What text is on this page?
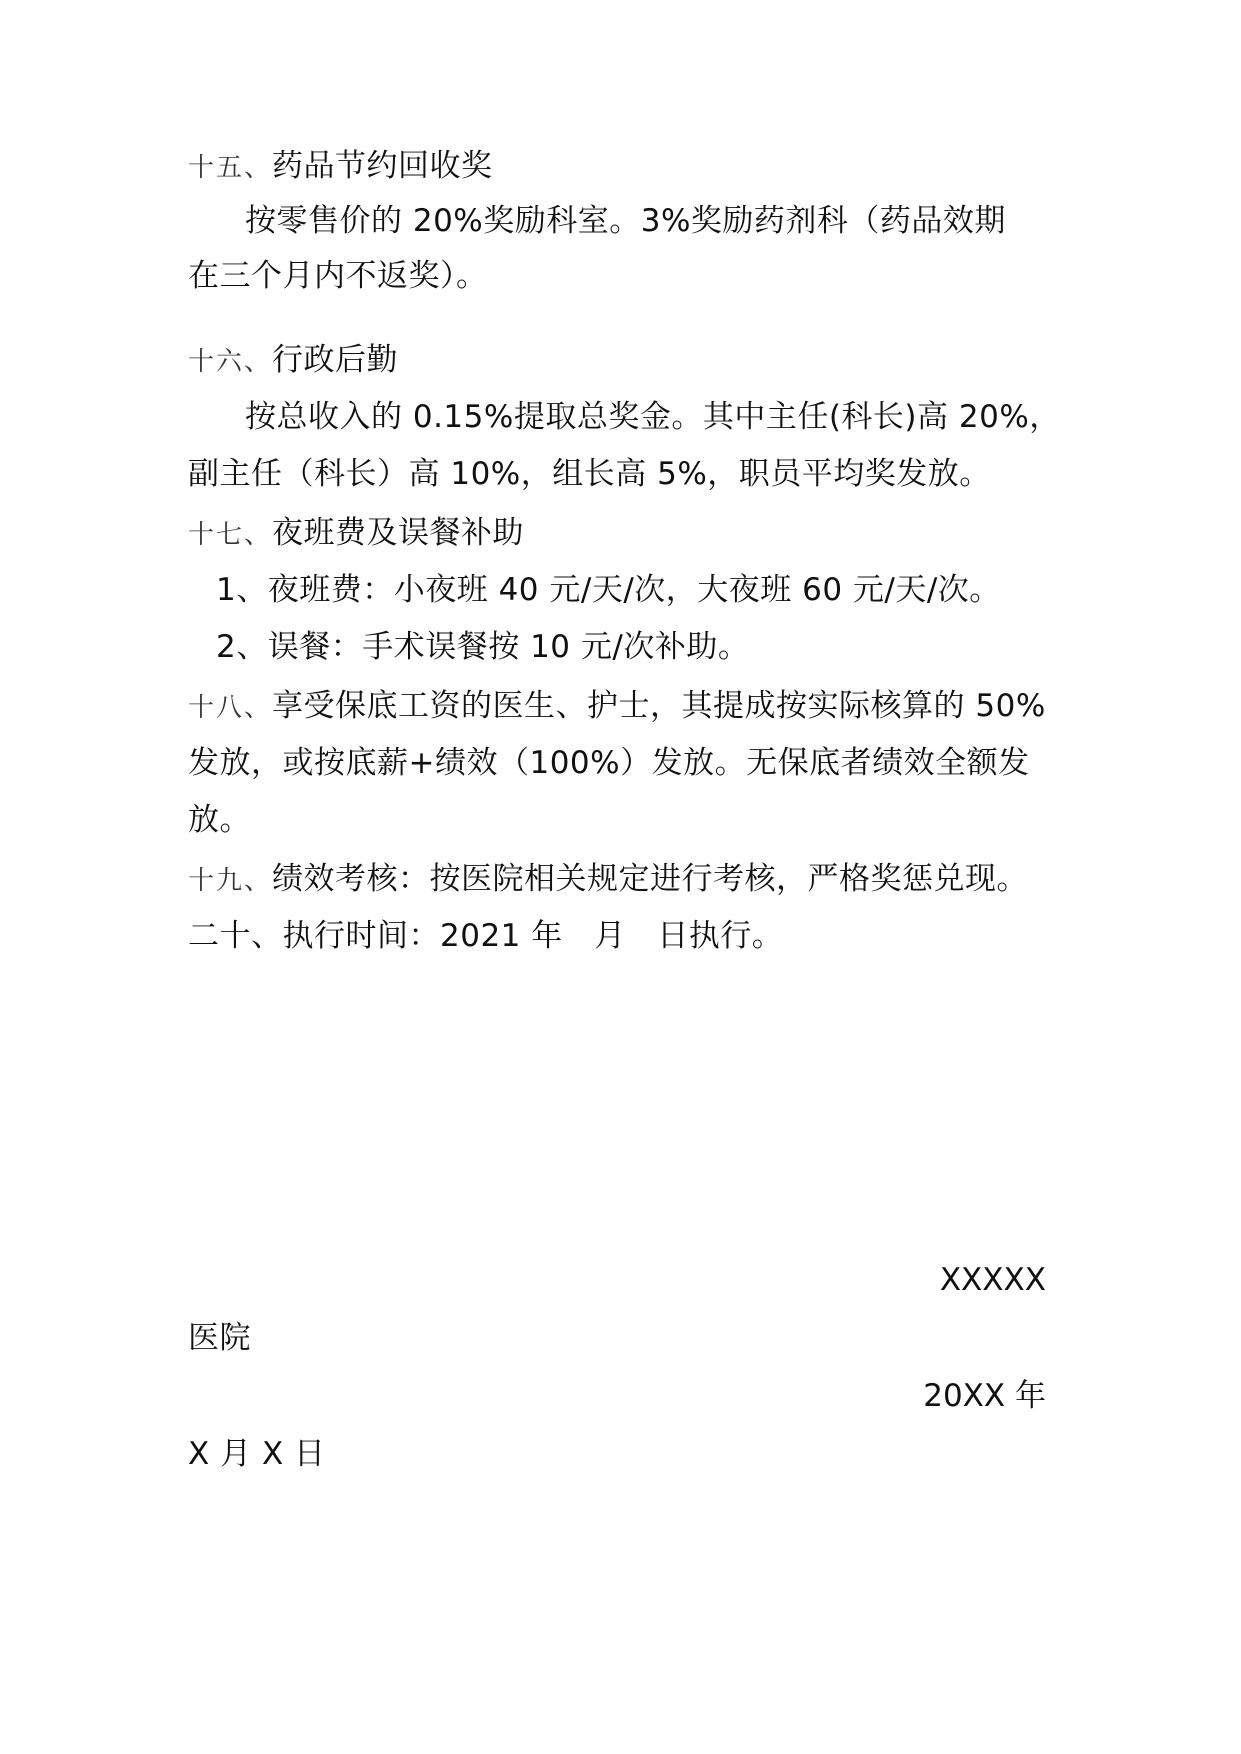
十五、药品节约回收奖
按零售价的 20%奖励科室。3%奖励药剂科（药品效期
在三个月内不返奖）。
十六、行政后勤
按总收入的 0.15%提取总奖金。其中主任(科长)高 20%，
副主任（科长）高 10%，组长高 5%，职员平均奖发放。
十七、夜班费及误餐补助
1、夜班费：小夜班 40 元/天/次，大夜班 60 元/天/次。
2、误餐：手术误餐按 10 元/次补助。
十八、享受保底工资的医生、护士，其提成按实际核算的 50%
发放，或按底薪+绩效（100%）发放。无保底者绩效全额发
放。
十九、绩效考核：按医院相关规定进行考核，严格奖惩兑现。
二十、执行时间：2021 年　月　日执行。
XXXXX
医院
20XX 年
X 月 X 日
